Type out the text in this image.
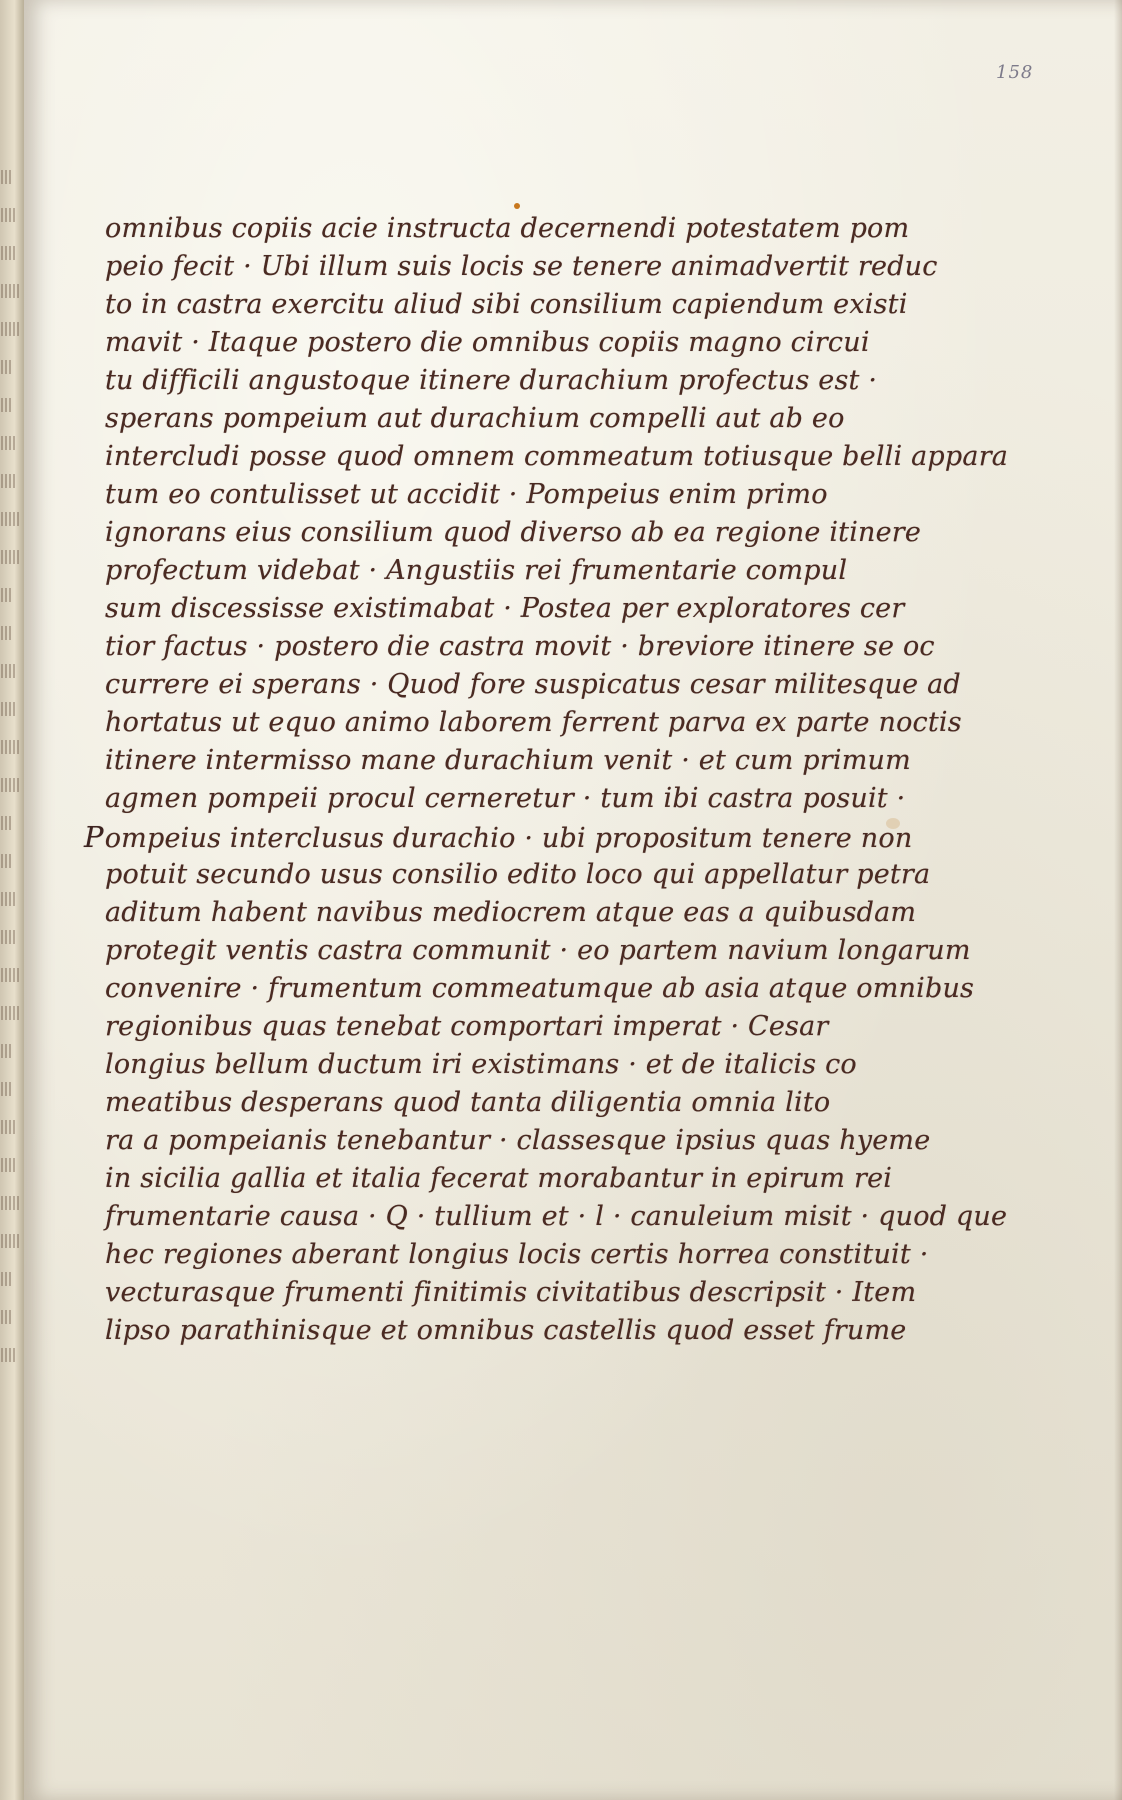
158
omnibus copiis acie instructa decernendi potestatem pom
peio fecit · Ubi illum suis locis se tenere animadvertit reduc
to in castra exercitu aliud sibi consilium capiendum existi
mavit · Itaque postero die omnibus copiis magno circui
tu difficili angustoque itinere durachium profectus est ·
sperans pompeium aut durachium compelli aut ab eo
intercludi posse quod omnem commeatum totiusque belli appara
tum eo contulisset ut accidit · Pompeius enim primo
ignorans eius consilium quod diverso ab ea regione itinere
profectum videbat · Angustiis rei frumentarie compul
sum discessisse existimabat · Postea per exploratores cer
tior factus · postero die castra movit · breviore itinere se oc
currere ei sperans · Quod fore suspicatus cesar militesque ad
hortatus ut equo animo laborem ferrent parva ex parte noctis
itinere intermisso mane durachium venit · et cum primum
agmen pompeii procul cerneretur · tum ibi castra posuit ·
Pompeius interclusus durachio · ubi propositum tenere non
potuit secundo usus consilio edito loco qui appellatur petra
aditum habent navibus mediocrem atque eas a quibusdam
protegit ventis castra communit · eo partem navium longarum
convenire · frumentum commeatumque ab asia atque omnibus
regionibus quas tenebat comportari imperat · Cesar
longius bellum ductum iri existimans · et de italicis co
meatibus desperans quod tanta diligentia omnia lito
ra a pompeianis tenebantur · classesque ipsius quas hyeme
in sicilia gallia et italia fecerat morabantur in epirum rei
frumentarie causa · Q · tullium et · l · canuleium misit · quod que
hec regiones aberant longius locis certis horrea constituit ·
vecturasque frumenti finitimis civitatibus descripsit · Item
lipso parathinisque et omnibus castellis quod esset frume
